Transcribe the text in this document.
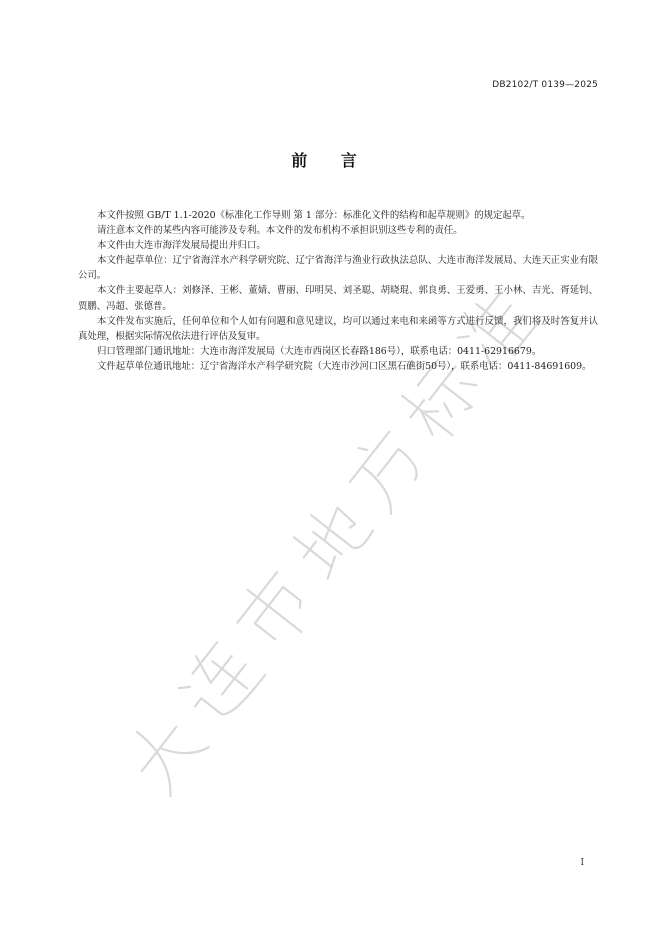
DB2102/T 0139—2025
前 言

本文件按照 GB/T 1.1-2020《标准化工作导则 第 1 部分：标准化文件的结构和起草规则》的规定起草。

请注意本文件的某些内容可能涉及专利。本文件的发布机构不承担识别这些专利的责任。

本文件由大连市海洋发展局提出并归口。

本文件起草单位：辽宁省海洋水产科学研究院、辽宁省海洋与渔业行政执法总队、大连市海洋发展局、大连天正实业有限公司。

本文件主要起草人：刘修泽、王彬、董婧、曹丽、印明昊、刘圣聪、胡晓琨、郭良勇、王爱勇、王小林、吉光、胥延钊、贾鹏、冯超、张德普。

本文件发布实施后，任何单位和个人如有问题和意见建议，均可以通过来电和来函等方式进行反馈，我们将及时答复并认真处理，根据实际情况依法进行评估及复审。

归口管理部门通讯地址：大连市海洋发展局（大连市西岗区长春路186号），联系电话：0411-62916679。

文件起草单位通讯地址：辽宁省海洋水产科学研究院（大连市沙河口区黑石礁街50号），联系电话：0411-84691609。

I
